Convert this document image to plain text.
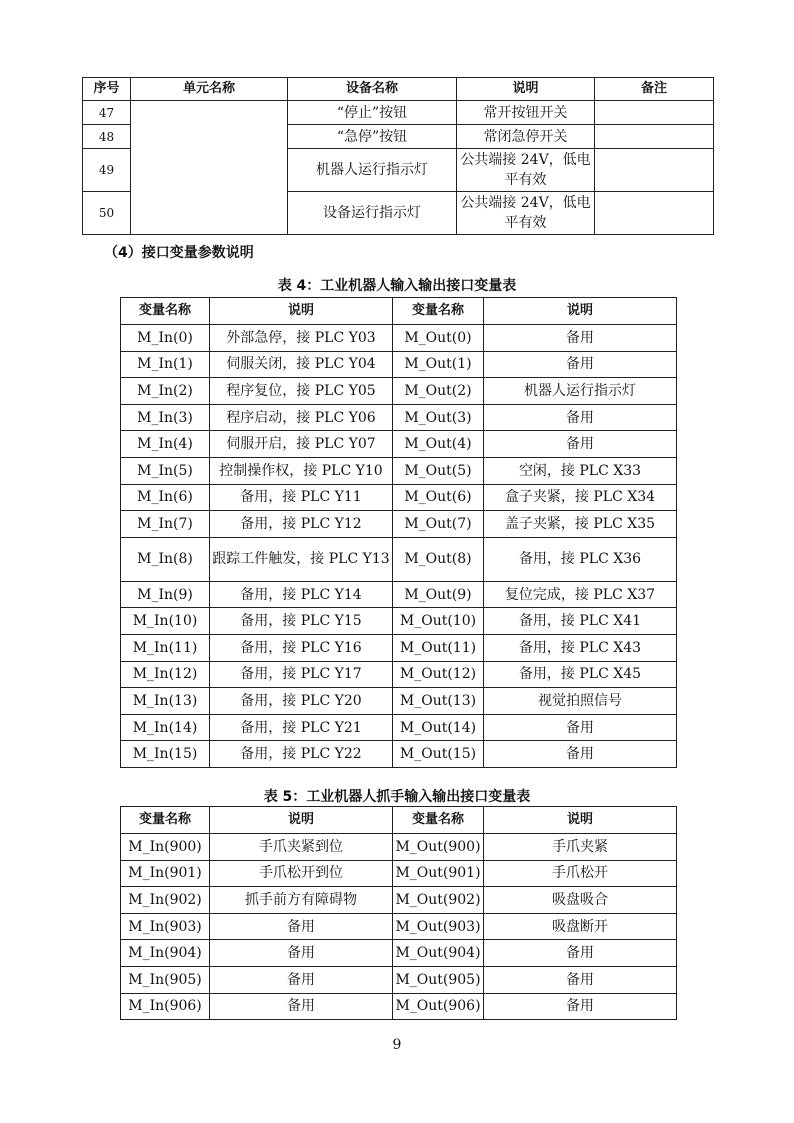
序号	单元名称	设备名称	说明	备注
47		“停止”按钮	常开按钮开关	
48		“急停”按钮	常闭急停开关	
49		机器人运行指示灯	公共端接 24V，低电平有效	
50		设备运行指示灯	公共端接 24V，低电平有效	
（4）接口变量参数说明
表 4：工业机器人输入输出接口变量表
变量名称	说明	变量名称	说明
M_In(0)	外部急停，接 PLC Y03	M_Out(0)	备用
M_In(1)	伺服关闭，接 PLC Y04	M_Out(1)	备用
M_In(2)	程序复位，接 PLC Y05	M_Out(2)	机器人运行指示灯
M_In(3)	程序启动，接 PLC Y06	M_Out(3)	备用
M_In(4)	伺服开启，接 PLC Y07	M_Out(4)	备用
M_In(5)	控制操作权，接 PLC Y10	M_Out(5)	空闲，接 PLC X33
M_In(6)	备用，接 PLC Y11	M_Out(6)	盒子夹紧，接 PLC X34
M_In(7)	备用，接 PLC Y12	M_Out(7)	盖子夹紧，接 PLC X35
M_In(8)	跟踪工件触发，接 PLC Y13	M_Out(8)	备用，接 PLC X36
M_In(9)	备用，接 PLC Y14	M_Out(9)	复位完成，接 PLC X37
M_In(10)	备用，接 PLC Y15	M_Out(10)	备用，接 PLC X41
M_In(11)	备用，接 PLC Y16	M_Out(11)	备用，接 PLC X43
M_In(12)	备用，接 PLC Y17	M_Out(12)	备用，接 PLC X45
M_In(13)	备用，接 PLC Y20	M_Out(13)	视觉拍照信号
M_In(14)	备用，接 PLC Y21	M_Out(14)	备用
M_In(15)	备用，接 PLC Y22	M_Out(15)	备用
表 5：工业机器人抓手输入输出接口变量表
变量名称	说明	变量名称	说明
M_In(900)	手爪夹紧到位	M_Out(900)	手爪夹紧
M_In(901)	手爪松开到位	M_Out(901)	手爪松开
M_In(902)	抓手前方有障碍物	M_Out(902)	吸盘吸合
M_In(903)	备用	M_Out(903)	吸盘断开
M_In(904)	备用	M_Out(904)	备用
M_In(905)	备用	M_Out(905)	备用
M_In(906)	备用	M_Out(906)	备用
9
